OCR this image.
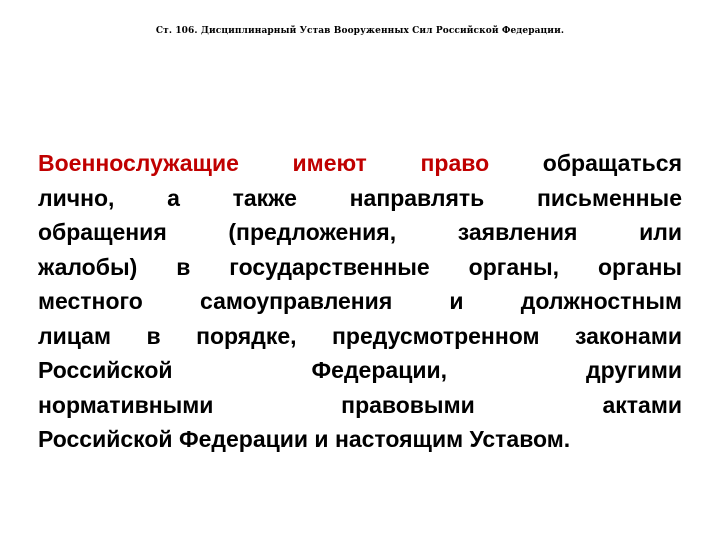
Ст. 106. Дисциплинарный Устав Вооруженных Сил Российской Федерации.
Военнослужащие имеют право обращаться
лично, а также направлять письменные
обращения (предложения, заявления или
жалобы) в государственные органы, органы
местного самоуправления и должностным
лицам в порядке, предусмотренном законами
Российской Федерации, другими
нормативными правовыми актами
Российской Федерации и настоящим Уставом.
